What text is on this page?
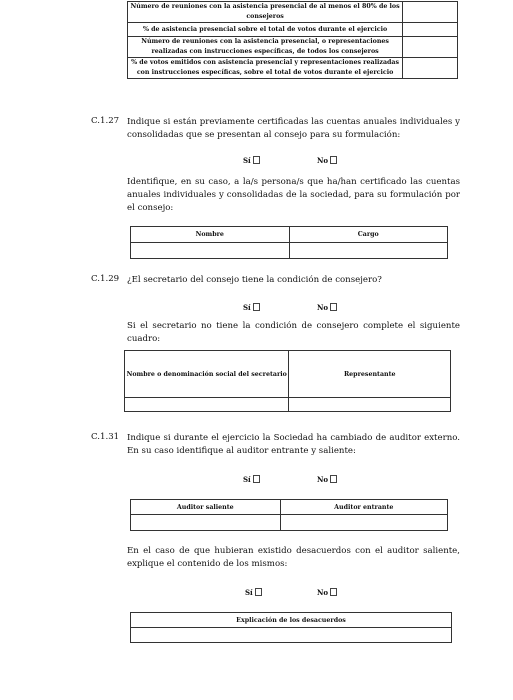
Número de reuniones con la asistencia presencial de al menos el 80% de los consejeros	
% de asistencia presencial sobre el total de votos durante el ejercicio	
Número de reuniones con la asistencia presencial, o representaciones realizadas con instrucciones específicas, de todos los consejeros	
% de votos emitidos con asistencia presencial y representaciones realizadas con instrucciones específicas, sobre el total de votos durante el ejercicio	
C.1.27 Indique si están previamente certificadas las cuentas anuales individuales y consolidadas que se presentan al consejo para su formulación:
Sí	No
Identifique, en su caso, a la/s persona/s que ha/han certificado las cuentas anuales individuales y consolidadas de la sociedad, para su formulación por el consejo:
Nombre	Cargo

C.1.29 ¿El secretario del consejo tiene la condición de consejero?
Sí	No
Si el secretario no tiene la condición de consejero complete el siguiente cuadro:
Nombre o denominación social del secretario	Representante

C.1.31 Indique si durante el ejercicio la Sociedad ha cambiado de auditor externo. En su caso identifique al auditor entrante y saliente:
Sí	No
Auditor saliente	Auditor entrante

En el caso de que hubieran existido desacuerdos con el auditor saliente, explique el contenido de los mismos:
Sí	No
Explicación de los desacuerdos
